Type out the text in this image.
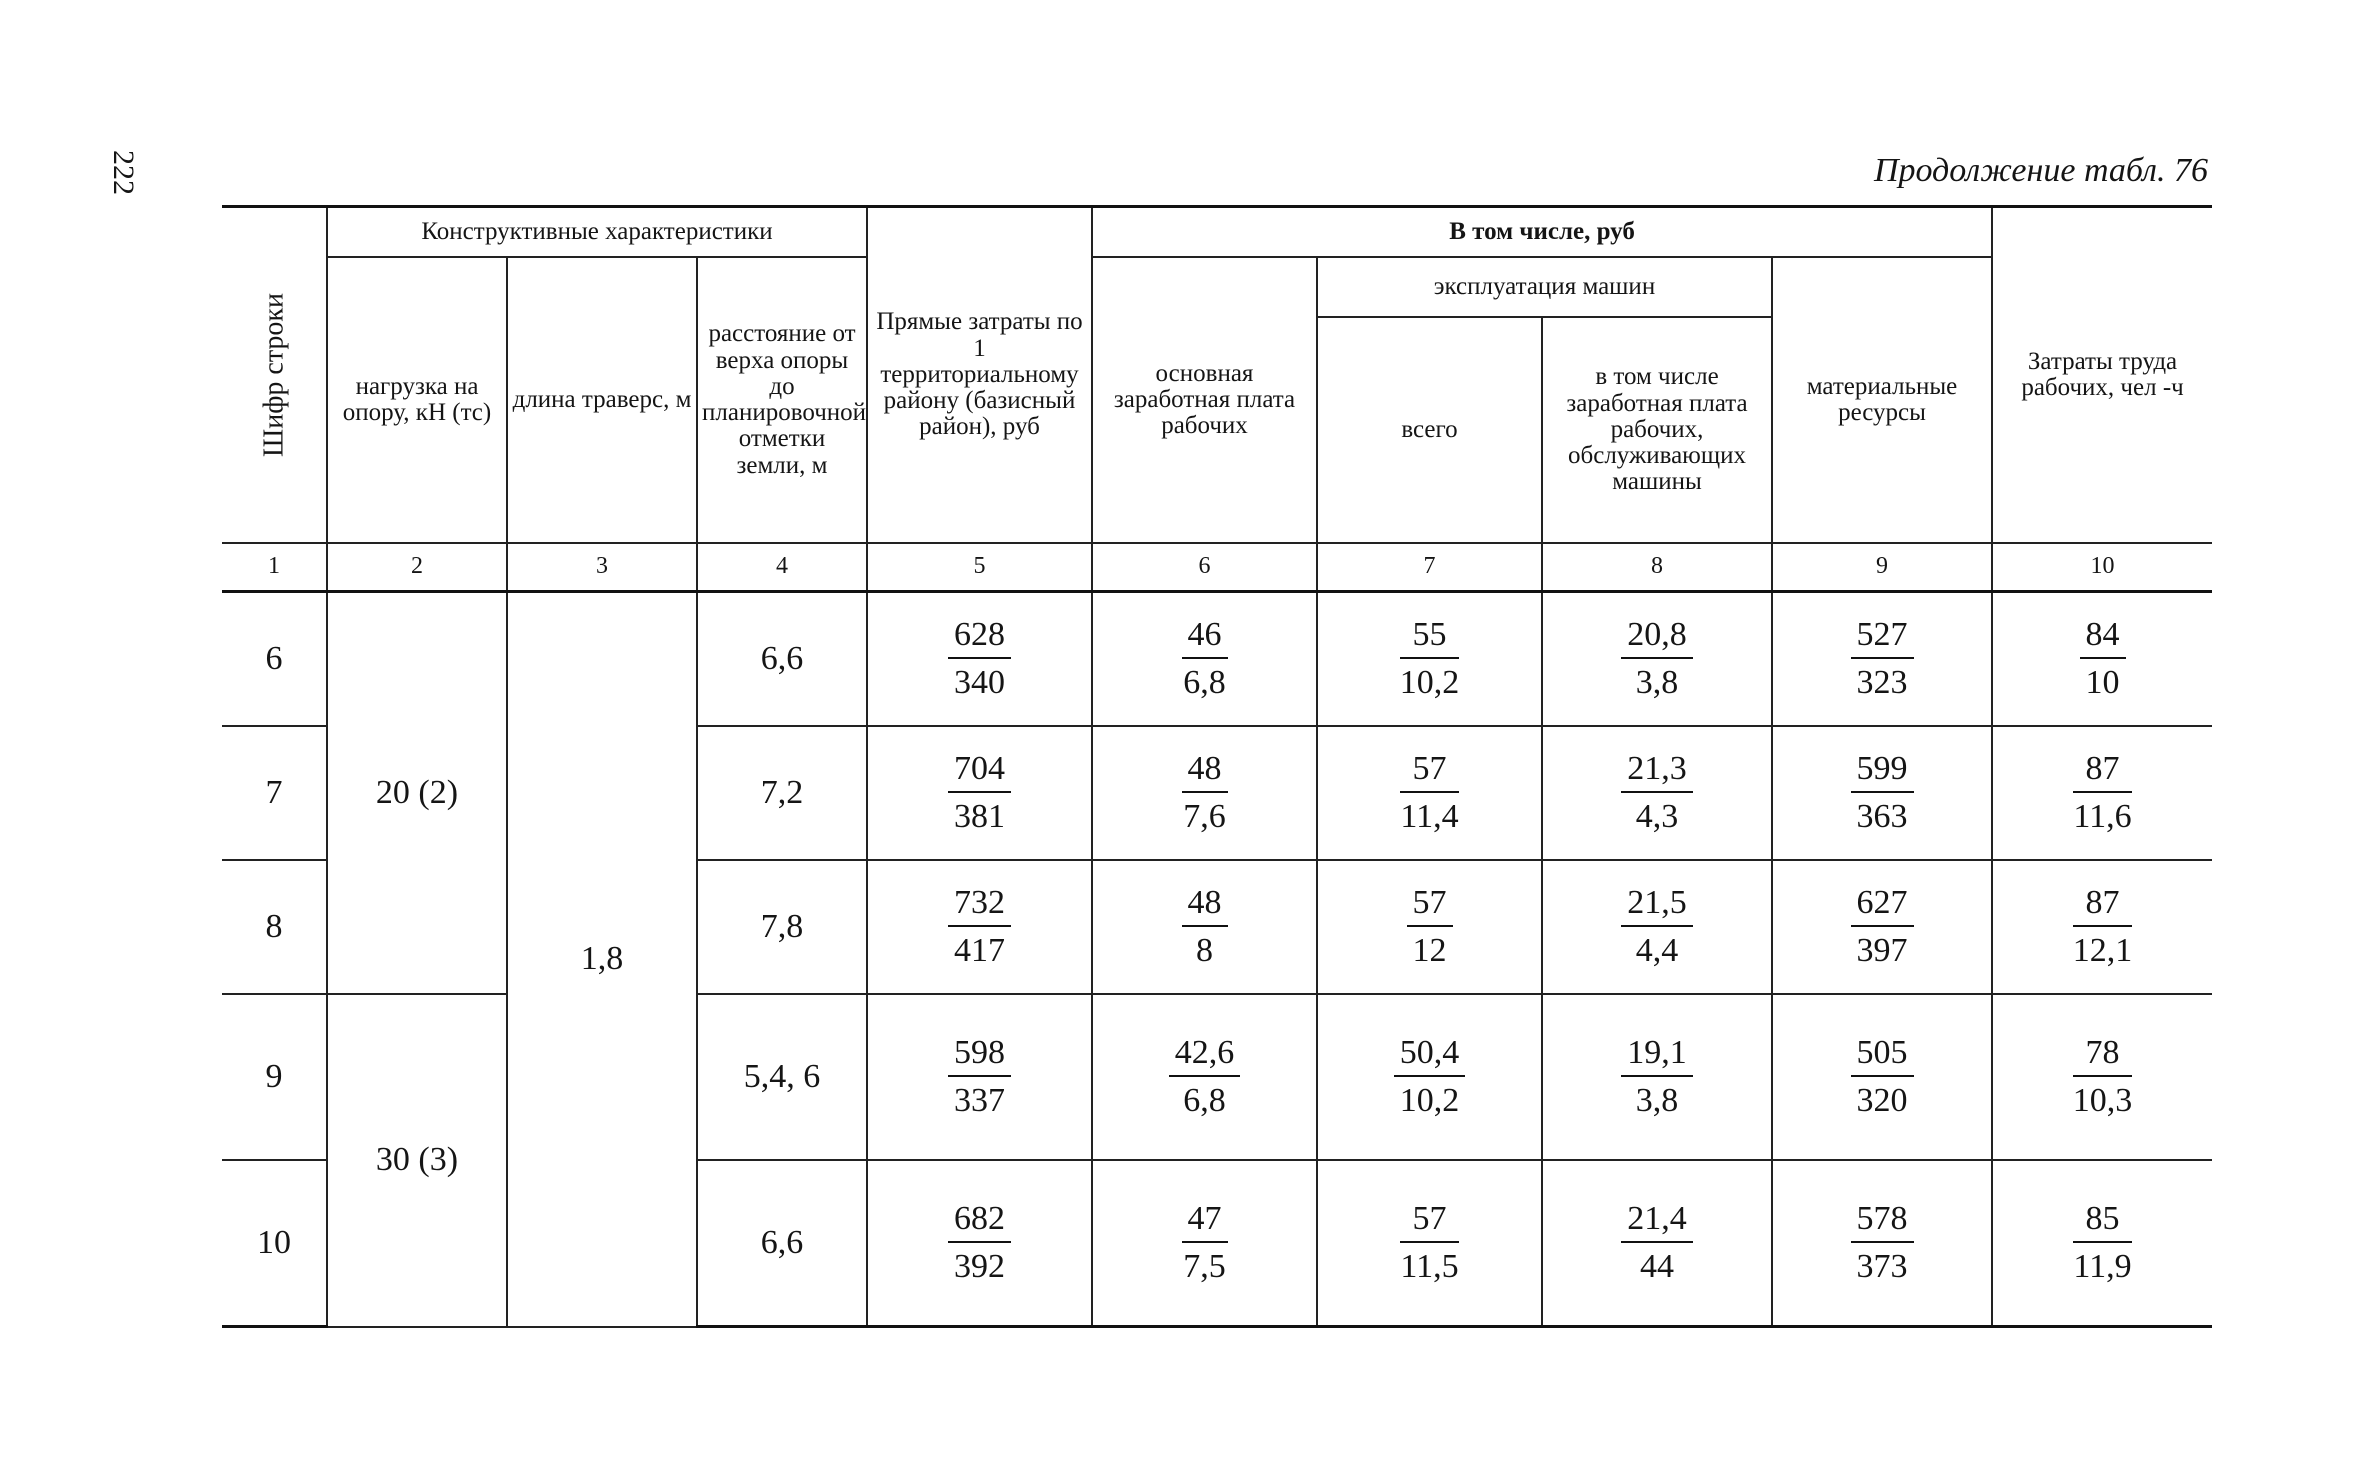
222	Продолжение табл. 76
Шифр строки	Конструктивные характеристики			Прямые затраты по 1 территориальному району (базисный район), руб	В том числе, руб				Затраты труда рабочих, чел -ч
	нагрузка на опору, кН (тс)	длина траверс, м	расстояние от верха опоры до планировочной отметки земли, м		основная заработная плата рабочих	эксплуатация машин		материальные ресурсы	
						всего	в том числе заработная плата рабочих, обслуживающих машины		
1	2	3	4	5	6	7	8	9	10
6	20 (2)	1,8	6,6	$\frac{628}{340}$	$\frac{46}{6,8}$	$\frac{55}{10,2}$	$\frac{20,8}{3,8}$	$\frac{527}{323}$	$\frac{84}{10}$

7			7,2	$\frac{704}{381}$	$\frac{48}{7,6}$	$\frac{57}{11,4}$	$\frac{21,3}{4,3}$	$\frac{599}{363}$	$\frac{87}{11,6}$

8			7,8	$\frac{732}{417}$	$\frac{48}{8}$	$\frac{57}{12}$	$\frac{21,5}{4,4}$	$\frac{627}{397}$	$\frac{87}{12,1}$

9	30 (3)		5,4, 6	$\frac{598}{337}$	$\frac{42,6}{6,8}$	$\frac{50,4}{10,2}$	$\frac{19,1}{3,8}$	$\frac{505}{320}$	$\frac{78}{10,3}$

10			6,6	$\frac{682}{392}$	$\frac{47}{7,5}$	$\frac{57}{11,5}$	$\frac{21,4}{44}$	$\frac{578}{373}$	$\frac{85}{11,9}$
